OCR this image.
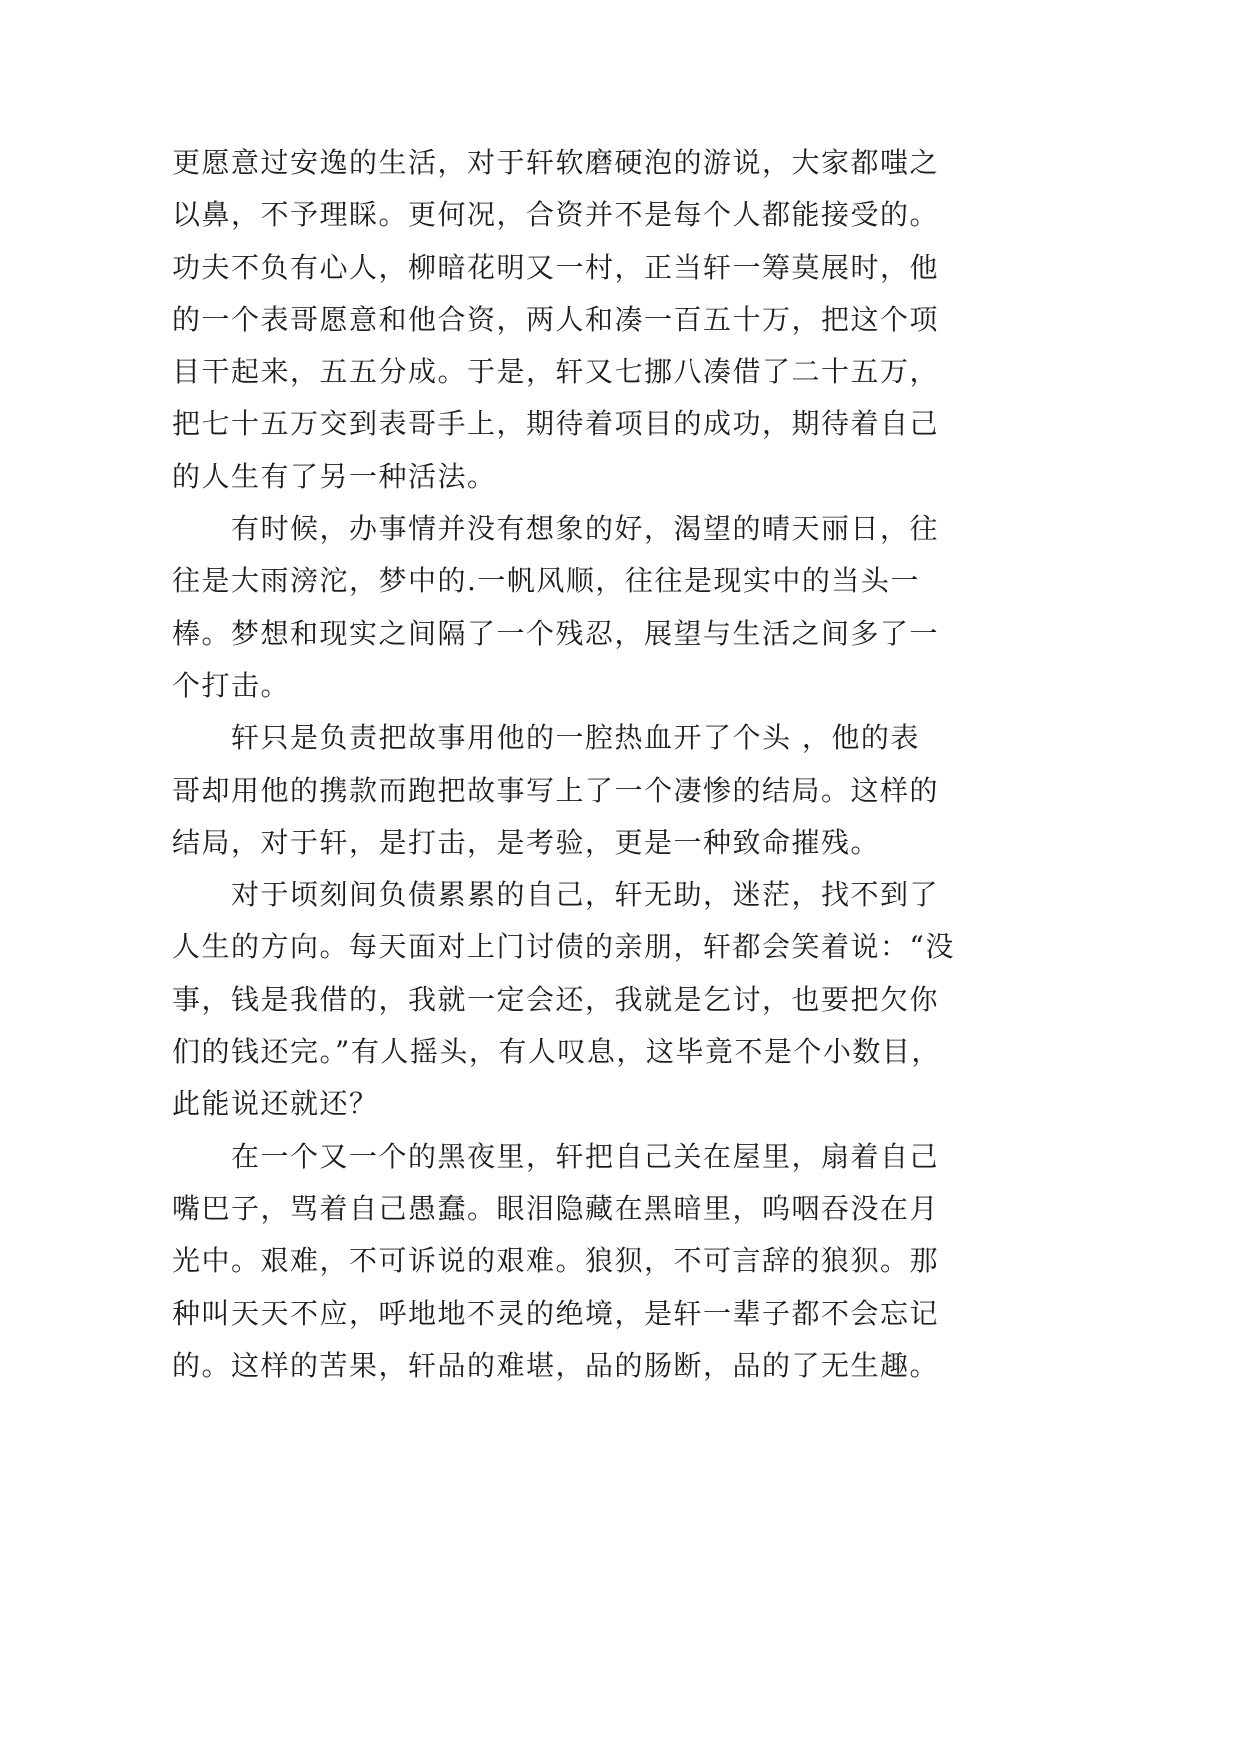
更愿意过安逸的生活，对于轩软磨硬泡的游说，大家都嗤之
以鼻，不予理睬。更何况，合资并不是每个人都能接受的。
功夫不负有心人，柳暗花明又一村，正当轩一筹莫展时，他
的一个表哥愿意和他合资，两人和凑一百五十万，把这个项
目干起来，五五分成。于是，轩又七挪八凑借了二十五万，
把七十五万交到表哥手上，期待着项目的成功，期待着自己
的人生有了另一种活法。
有时候，办事情并没有想象的好，渴望的晴天丽日，往
往是大雨滂沱，梦中的.一帆风顺，往往是现实中的当头一
棒。梦想和现实之间隔了一个残忍，展望与生活之间多了一
个打击。
轩只是负责把故事用他的一腔热血开了个头 ，他的表
哥却用他的携款而跑把故事写上了一个凄惨的结局。这样的
结局，对于轩，是打击，是考验，更是一种致命摧残。
对于顷刻间负债累累的自己，轩无助，迷茫，找不到了
人生的方向。每天面对上门讨债的亲朋，轩都会笑着说：“没
事，钱是我借的，我就一定会还，我就是乞讨，也要把欠你
们的钱还完。”有人摇头，有人叹息，这毕竟不是个小数目，
此能说还就还？
在一个又一个的黑夜里，轩把自己关在屋里，扇着自己
嘴巴子，骂着自己愚蠢。眼泪隐藏在黑暗里，呜咽吞没在月
光中。艰难，不可诉说的艰难。狼狈，不可言辞的狼狈。那
种叫天天不应，呼地地不灵的绝境，是轩一辈子都不会忘记
的。这样的苦果，轩品的难堪，品的肠断，品的了无生趣。
